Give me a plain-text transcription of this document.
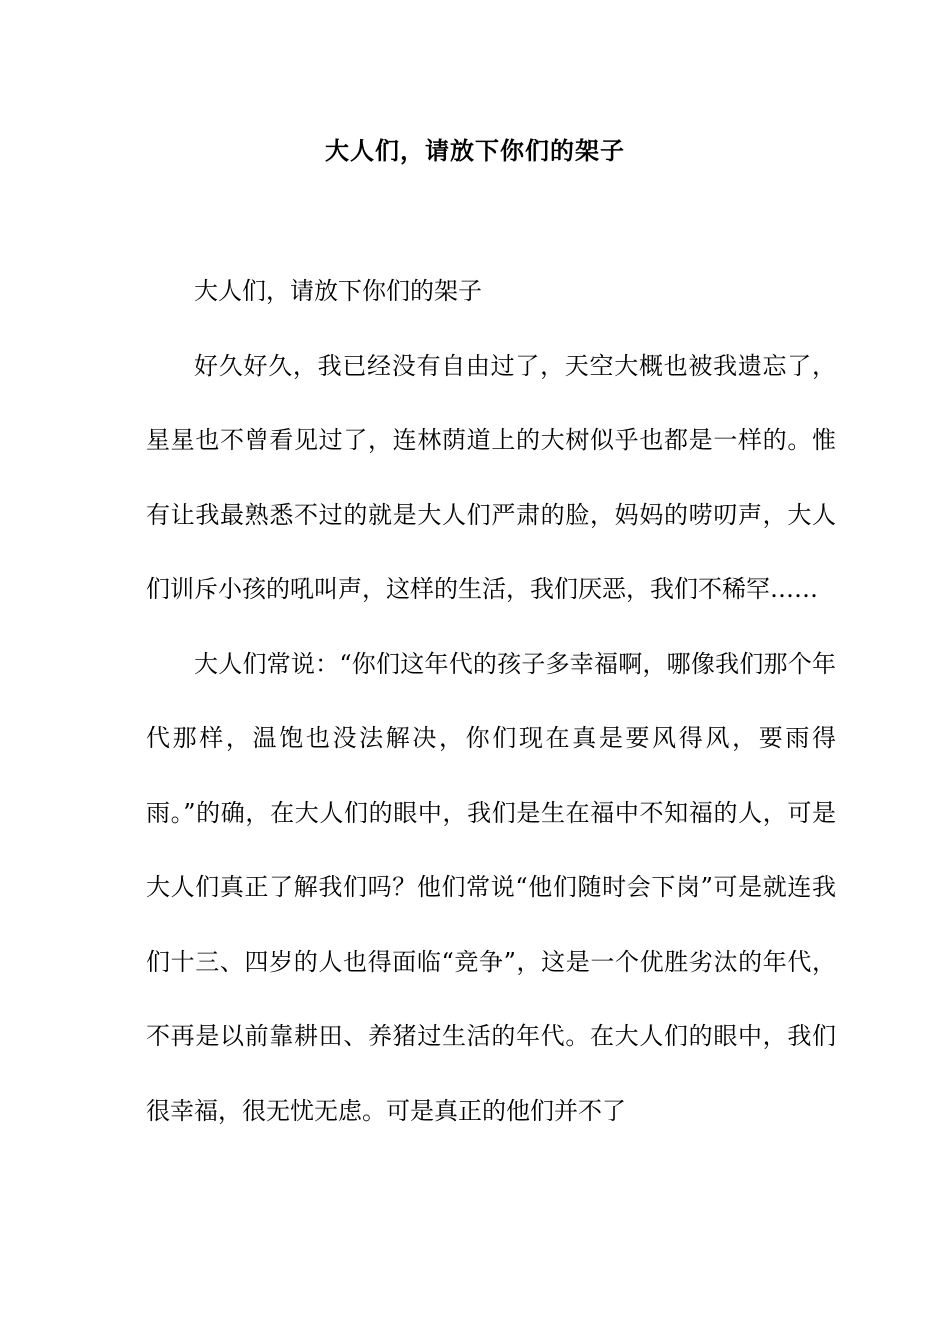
大人们，请放下你们的架子

大人们，请放下你们的架子

好久好久，我已经没有自由过了，天空大概也被我遗忘了，星星也不曾看见过了，连林荫道上的大树似乎也都是一样的。惟有让我最熟悉不过的就是大人们严肃的脸，妈妈的唠叨声，大人们训斥小孩的吼叫声，这样的生活，我们厌恶，我们不稀罕……

大人们常说：“你们这年代的孩子多幸福啊，哪像我们那个年代那样，温饱也没法解决，你们现在真是要风得风，要雨得雨。”的确，在大人们的眼中，我们是生在福中不知福的人，可是大人们真正了解我们吗？他们常说“他们随时会下岗”可是就连我们十三、四岁的人也得面临“竞争”，这是一个优胜劣汰的年代，不再是以前靠耕田、养猪过生活的年代。在大人们的眼中，我们很幸福，很无忧无虑。可是真正的他们并不了
